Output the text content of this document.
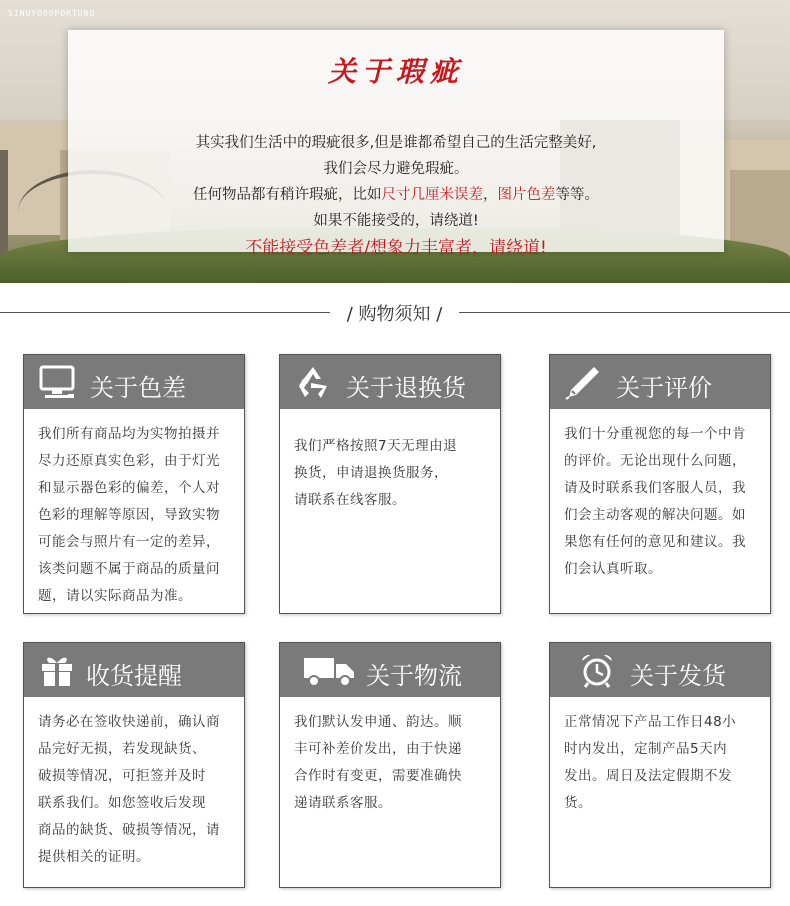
SINUYOOOPORTUBO
关于瑕疵
其实我们生活中的瑕疵很多,但是谁都希望自己的生活完整美好,
我们会尽力避免瑕疵。
任何物品都有稍许瑕疵，比如尺寸几厘米误差，图片色差等等。
如果不能接受的，请绕道!
不能接受色差者/想象力丰富者，请绕道!
/ 购物须知 /
关于色差
我们所有商品均为实物拍摄并
尽力还原真实色彩，由于灯光
和显示器色彩的偏差，个人对
色彩的理解等原因，导致实物
可能会与照片有一定的差异，
该类问题不属于商品的质量问
题，请以实际商品为准。
关于退换货
我们严格按照7天无理由退
换货，申请退换货服务，
请联系在线客服。
关于评价
我们十分重视您的每一个中肯
的评价。无论出现什么问题，
请及时联系我们客服人员，我
们会主动客观的解决问题。如
果您有任何的意见和建议。我
们会认真听取。
收货提醒
请务必在签收快递前，确认商
品完好无损，若发现缺货、
破损等情况，可拒签并及时
联系我们。如您签收后发现
商品的缺货、破损等情况，请
提供相关的证明。
关于物流
我们默认发申通、韵达。顺
丰可补差价发出，由于快递
合作时有变更，需要准确快
递请联系客服。
关于发货
正常情况下产品工作日48小
时内发出，定制产品5天内
发出。周日及法定假期不发
货。
